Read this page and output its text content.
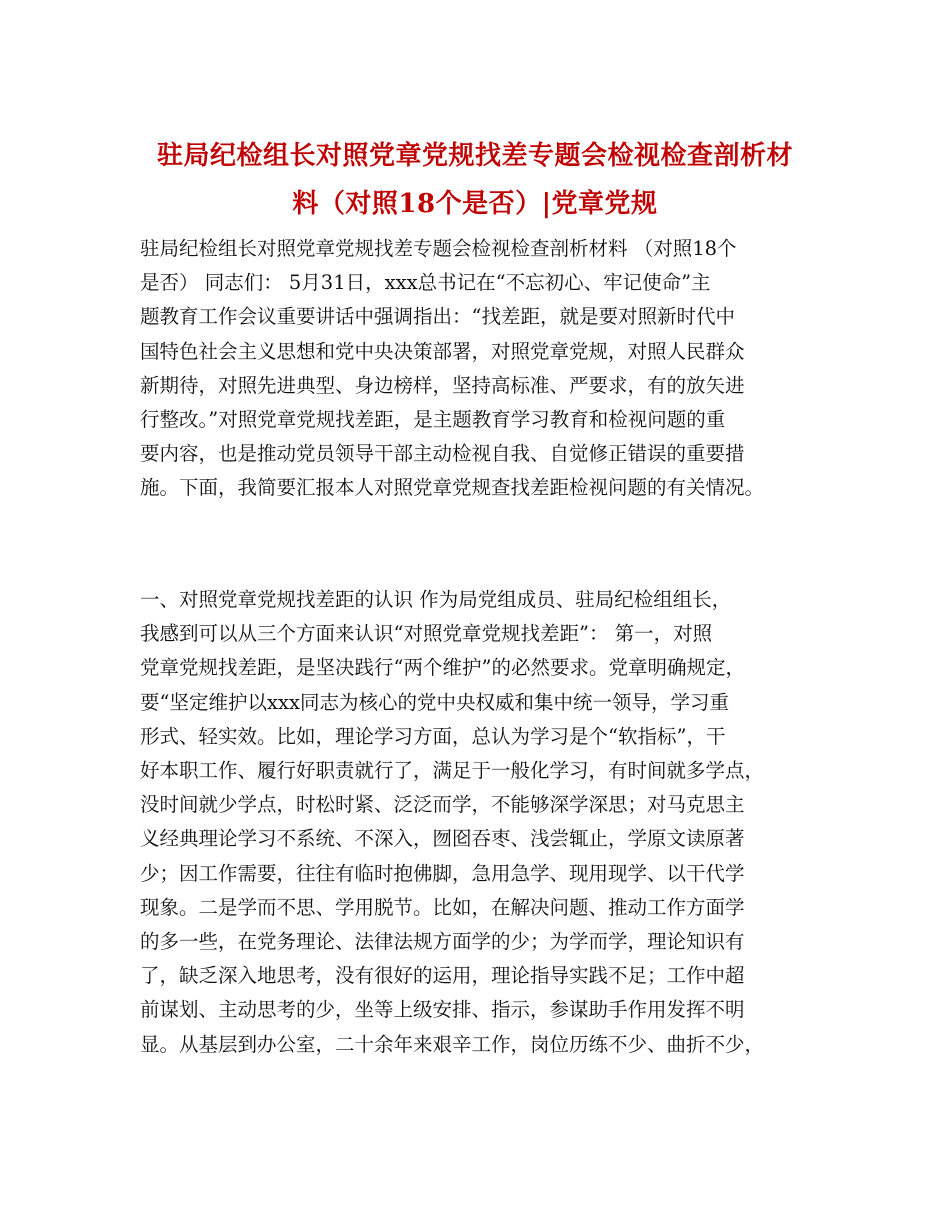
驻局纪检组长对照党章党规找差专题会检视检查剖析材
料（对照18个是否）|党章党规
驻局纪检组长对照党章党规找差专题会检视检查剖析材料 （对照18个
是否） 同志们： 5月31日，xxx总书记在“不忘初心、牢记使命”主
题教育工作会议重要讲话中强调指出：“找差距，就是要对照新时代中
国特色社会主义思想和党中央决策部署，对照党章党规，对照人民群众
新期待，对照先进典型、身边榜样，坚持高标准、严要求，有的放矢进
行整改。”对照党章党规找差距，是主题教育学习教育和检视问题的重
要内容，也是推动党员领导干部主动检视自我、自觉修正错误的重要措
施。下面，我简要汇报本人对照党章党规查找差距检视问题的有关情况。
一、对照党章党规找差距的认识 作为局党组成员、驻局纪检组组长，
我感到可以从三个方面来认识“对照党章党规找差距”： 第一，对照
党章党规找差距，是坚决践行“两个维护”的必然要求。党章明确规定，
要“坚定维护以xxx同志为核心的党中央权威和集中统一领导，学习重
形式、轻实效。比如，理论学习方面，总认为学习是个“软指标”，干
好本职工作、履行好职责就行了，满足于一般化学习，有时间就多学点，
没时间就少学点，时松时紧、泛泛而学，不能够深学深思；对马克思主
义经典理论学习不系统、不深入，囫囵吞枣、浅尝辄止，学原文读原著
少；因工作需要，往往有临时抱佛脚，急用急学、现用现学、以干代学
现象。二是学而不思、学用脱节。比如，在解决问题、推动工作方面学
的多一些，在党务理论、法律法规方面学的少；为学而学，理论知识有
了，缺乏深入地思考，没有很好的运用，理论指导实践不足；工作中超
前谋划、主动思考的少，坐等上级安排、指示，参谋助手作用发挥不明
显。从基层到办公室，二十余年来艰辛工作，岗位历练不少、曲折不少，
